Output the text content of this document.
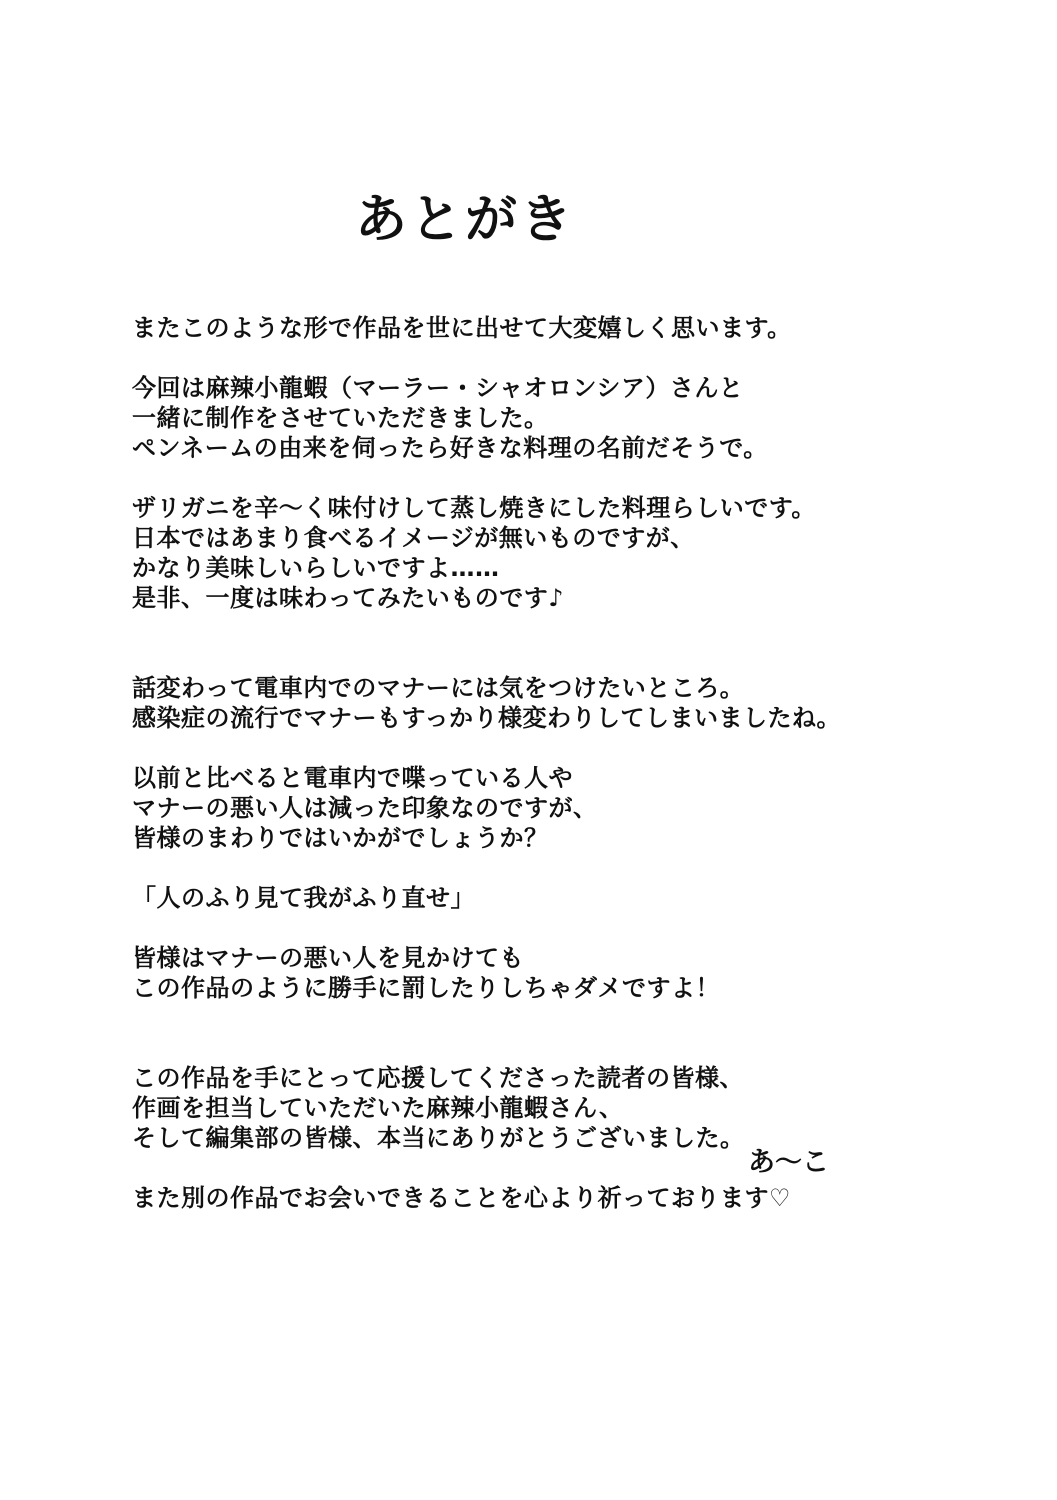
あとがき
またこのような形で作品を世に出せて大変嬉しく思います。
今回は麻辣小龍蝦（マーラー・シャオロンシア）さんと
一緒に制作をさせていただきました。
ペンネームの由来を伺ったら好きな料理の名前だそうで。
ザリガニを辛～く味付けして蒸し焼きにした料理らしいです。
日本ではあまり食べるイメージが無いものですが、
かなり美味しいらしいですよ……
是非、一度は味わってみたいものです♪
話変わって電車内でのマナーには気をつけたいところ。
感染症の流行でマナーもすっかり様変わりしてしまいましたね。
以前と比べると電車内で喋っている人や
マナーの悪い人は減った印象なのですが、
皆様のまわりではいかがでしょうか？
「人のふり見て我がふり直せ」
皆様はマナーの悪い人を見かけても
この作品のように勝手に罰したりしちゃダメですよ！
この作品を手にとって応援してくださった読者の皆様、
作画を担当していただいた麻辣小龍蝦さん、
そして編集部の皆様、本当にありがとうございました。
また別の作品でお会いできることを心より祈っております♡
あ～こ
